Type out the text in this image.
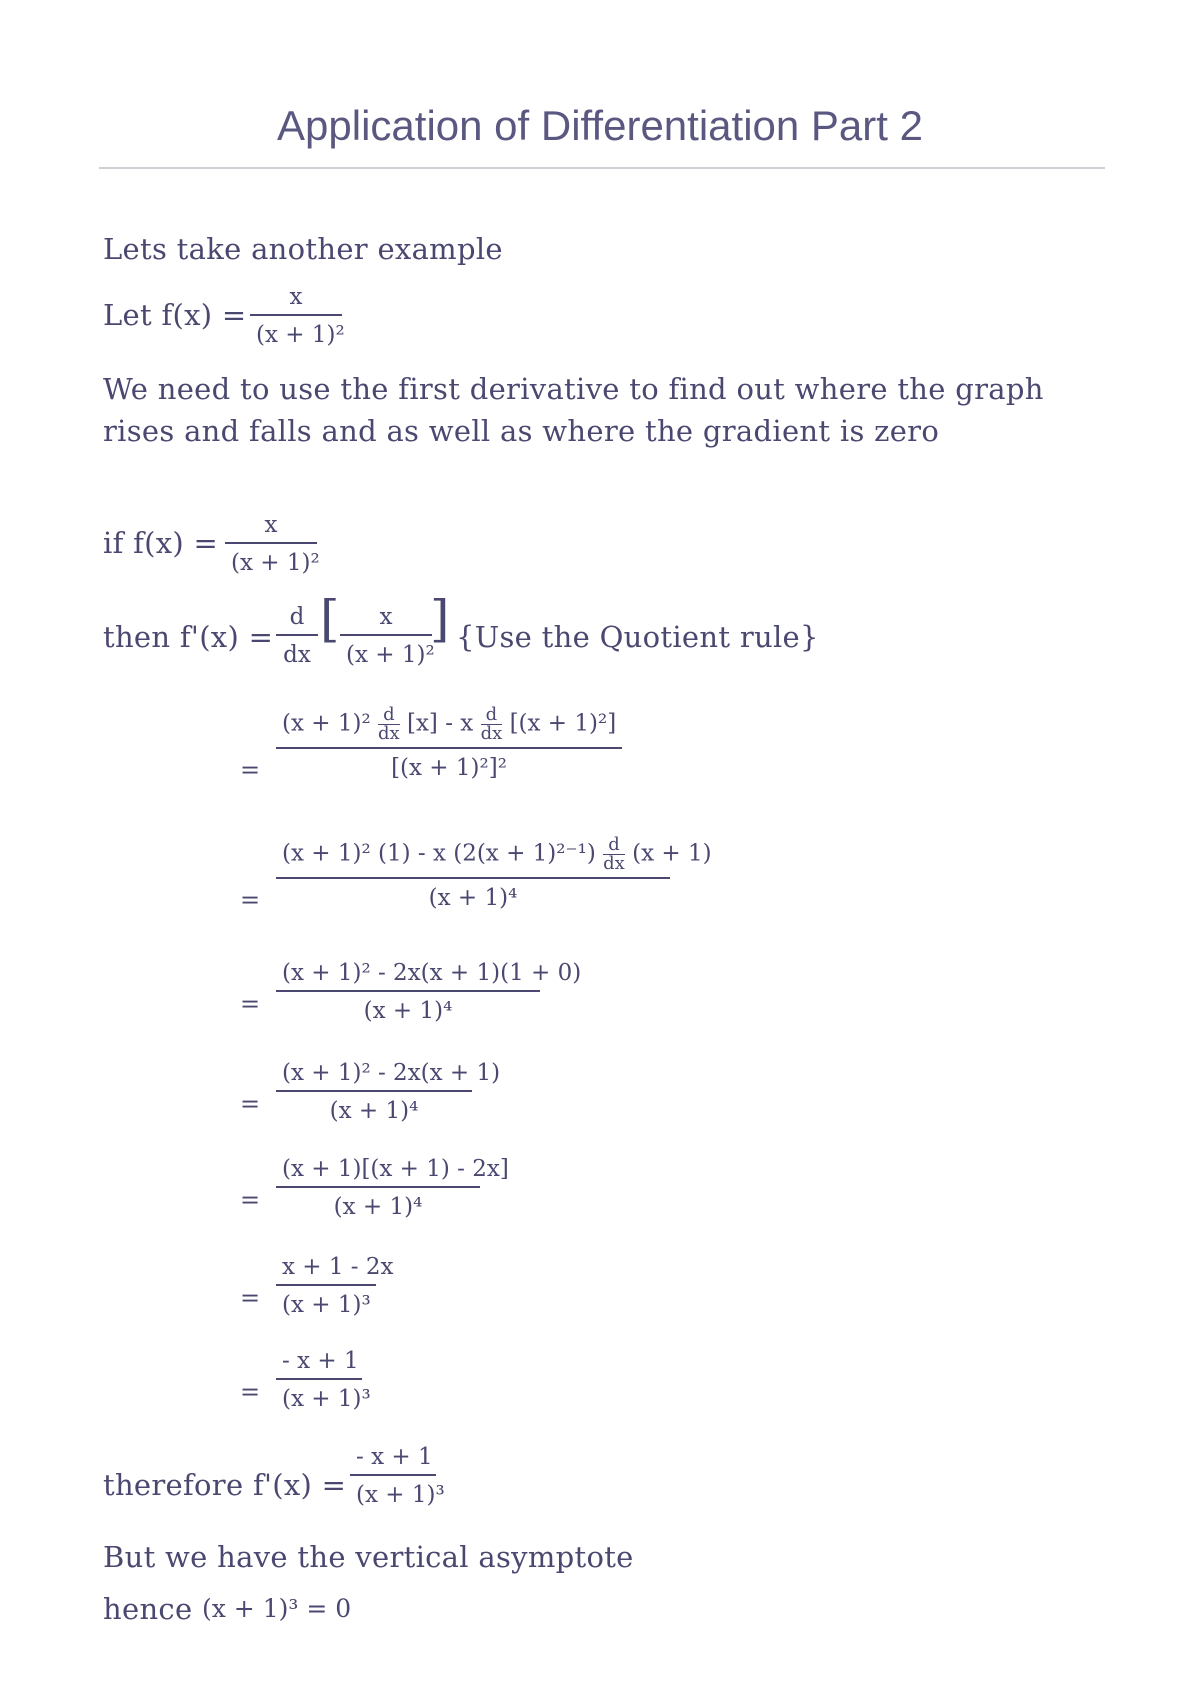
Application of Differentiation Part 2
Lets take another example
Let f(x) =
x
(x + 1)²
We need to use the first derivative to find out where the graph
rises and falls and as well as where the gradient is zero
if f(x) =
x
(x + 1)²
then f'(x) =
d
dx
[	x
(x + 1)²
] {Use the Quotient rule}
=
$(x + 1)^2 \frac{d}{dx} [x] - x \frac{d}{dx} [(x + 1)^2]$
[(x + 1)²]²
=
(x + 1)² (1) - x $(2(x + 1)^{2-1}) \frac{d}{dx} (x + 1)$
(x + 1)⁴
=
(x + 1)² - 2x(x + 1)(1 + 0)
(x + 1)⁴
=
(x + 1)² - 2x(x + 1)
(x + 1)⁴
=
(x + 1)[(x + 1) - 2x]
(x + 1)⁴
=
x + 1 - 2x
(x + 1)³
=
- x + 1
(x + 1)³
therefore f'(x) =
- x + 1
(x + 1)³
But we have the vertical asymptote
hence (x + 1)³ = 0
